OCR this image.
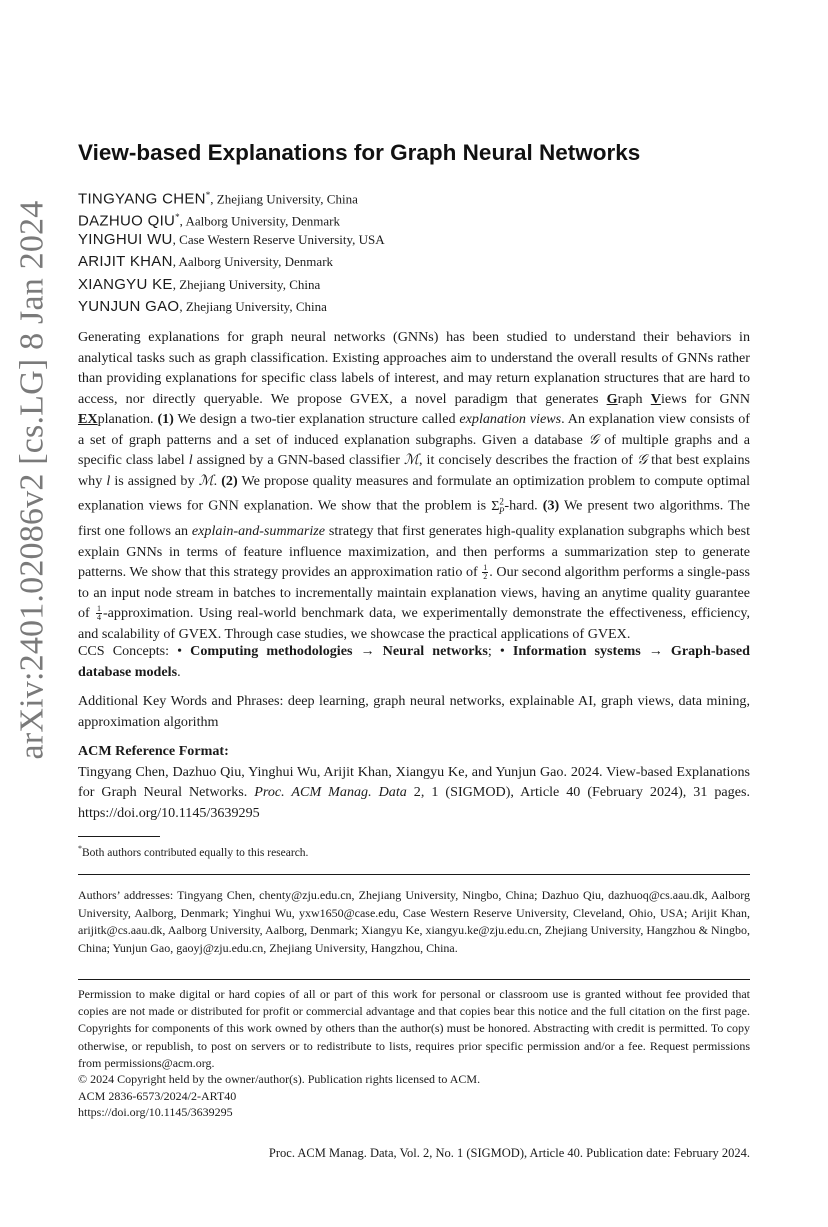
arXiv:2401.02086v2 [cs.LG] 8 Jan 2024
View-based Explanations for Graph Neural Networks
TINGYANG CHEN*, Zhejiang University, China
DAZHUO QIU*, Aalborg University, Denmark
YINGHUI WU, Case Western Reserve University, USA
ARIJIT KHAN, Aalborg University, Denmark
XIANGYU KE, Zhejiang University, China
YUNJUN GAO, Zhejiang University, China

Generating explanations for graph neural networks (GNNs) has been studied to understand their behaviors in analytical tasks such as graph classification. Existing approaches aim to understand the overall results of GNNs rather than providing explanations for specific class labels of interest, and may return explanation structures that are hard to access, nor directly queryable. We propose GVEX, a novel paradigm that generates Graph Views for GNN EXplanation. (1) We design a two-tier explanation structure called explanation views. An explanation view consists of a set of graph patterns and a set of induced explanation subgraphs. Given a database 𝒢 of multiple graphs and a specific class label l assigned by a GNN-based classifier ℳ, it concisely describes the fraction of 𝒢 that best explains why l is assigned by ℳ. (2) We propose quality measures and formulate an optimization problem to compute optimal explanation views for GNN explanation. We show that the problem is $\Sigma^2_P$-hard. (3) We present two algorithms. The first one follows an explain-and-summarize strategy that first generates high-quality explanation subgraphs which best explain GNNs in terms of feature influence maximization, and then performs a summarization step to generate patterns. We show that this strategy provides an approximation ratio of $\frac{1}{2}$ . Our second algorithm performs a single-pass to an input node stream in batches to incrementally maintain explanation views, having an anytime quality guarantee of $\frac{1}{4}$ -approximation. Using real-world benchmark data, we experimentally demonstrate the effectiveness, efficiency, and scalability of GVEX. Through case studies, we showcase the practical applications of GVEX.

CCS Concepts: • Computing methodologies → Neural networks; • Information systems → Graph-based database models.

Additional Key Words and Phrases: deep learning, graph neural networks, explainable AI, graph views, data mining, approximation algorithm

ACM Reference Format:
Tingyang Chen, Dazhuo Qiu, Yinghui Wu, Arijit Khan, Xiangyu Ke, and Yunjun Gao. 2024. View-based Explanations for Graph Neural Networks. Proc. ACM Manag. Data 2, 1 (SIGMOD), Article 40 (February 2024), 31 pages. https://doi.org/10.1145/3639295
*Both authors contributed equally to this research.

Authors’ addresses: Tingyang Chen, chenty@zju.edu.cn, Zhejiang University, Ningbo, China; Dazhuo Qiu, dazhuoq@cs.aau.dk, Aalborg University, Aalborg, Denmark; Yinghui Wu, yxw1650@case.edu, Case Western Reserve University, Cleveland, Ohio, USA; Arijit Khan, arijitk@cs.aau.dk, Aalborg University, Aalborg, Denmark; Xiangyu Ke, xiangyu.ke@zju.edu.cn, Zhejiang University, Hangzhou & Ningbo, China; Yunjun Gao, gaoyj@zju.edu.cn, Zhejiang University, Hangzhou, China.

Permission to make digital or hard copies of all or part of this work for personal or classroom use is granted without fee provided that copies are not made or distributed for profit or commercial advantage and that copies bear this notice and the full citation on the first page. Copyrights for components of this work owned by others than the author(s) must be honored. Abstracting with credit is permitted. To copy otherwise, or republish, to post on servers or to redistribute to lists, requires prior specific permission and/or a fee. Request permissions from permissions@acm.org.

© 2024 Copyright held by the owner/author(s). Publication rights licensed to ACM.
ACM 2836-6573/2024/2-ART40
https://doi.org/10.1145/3639295
Proc. ACM Manag. Data, Vol. 2, No. 1 (SIGMOD), Article 40. Publication date: February 2024.
